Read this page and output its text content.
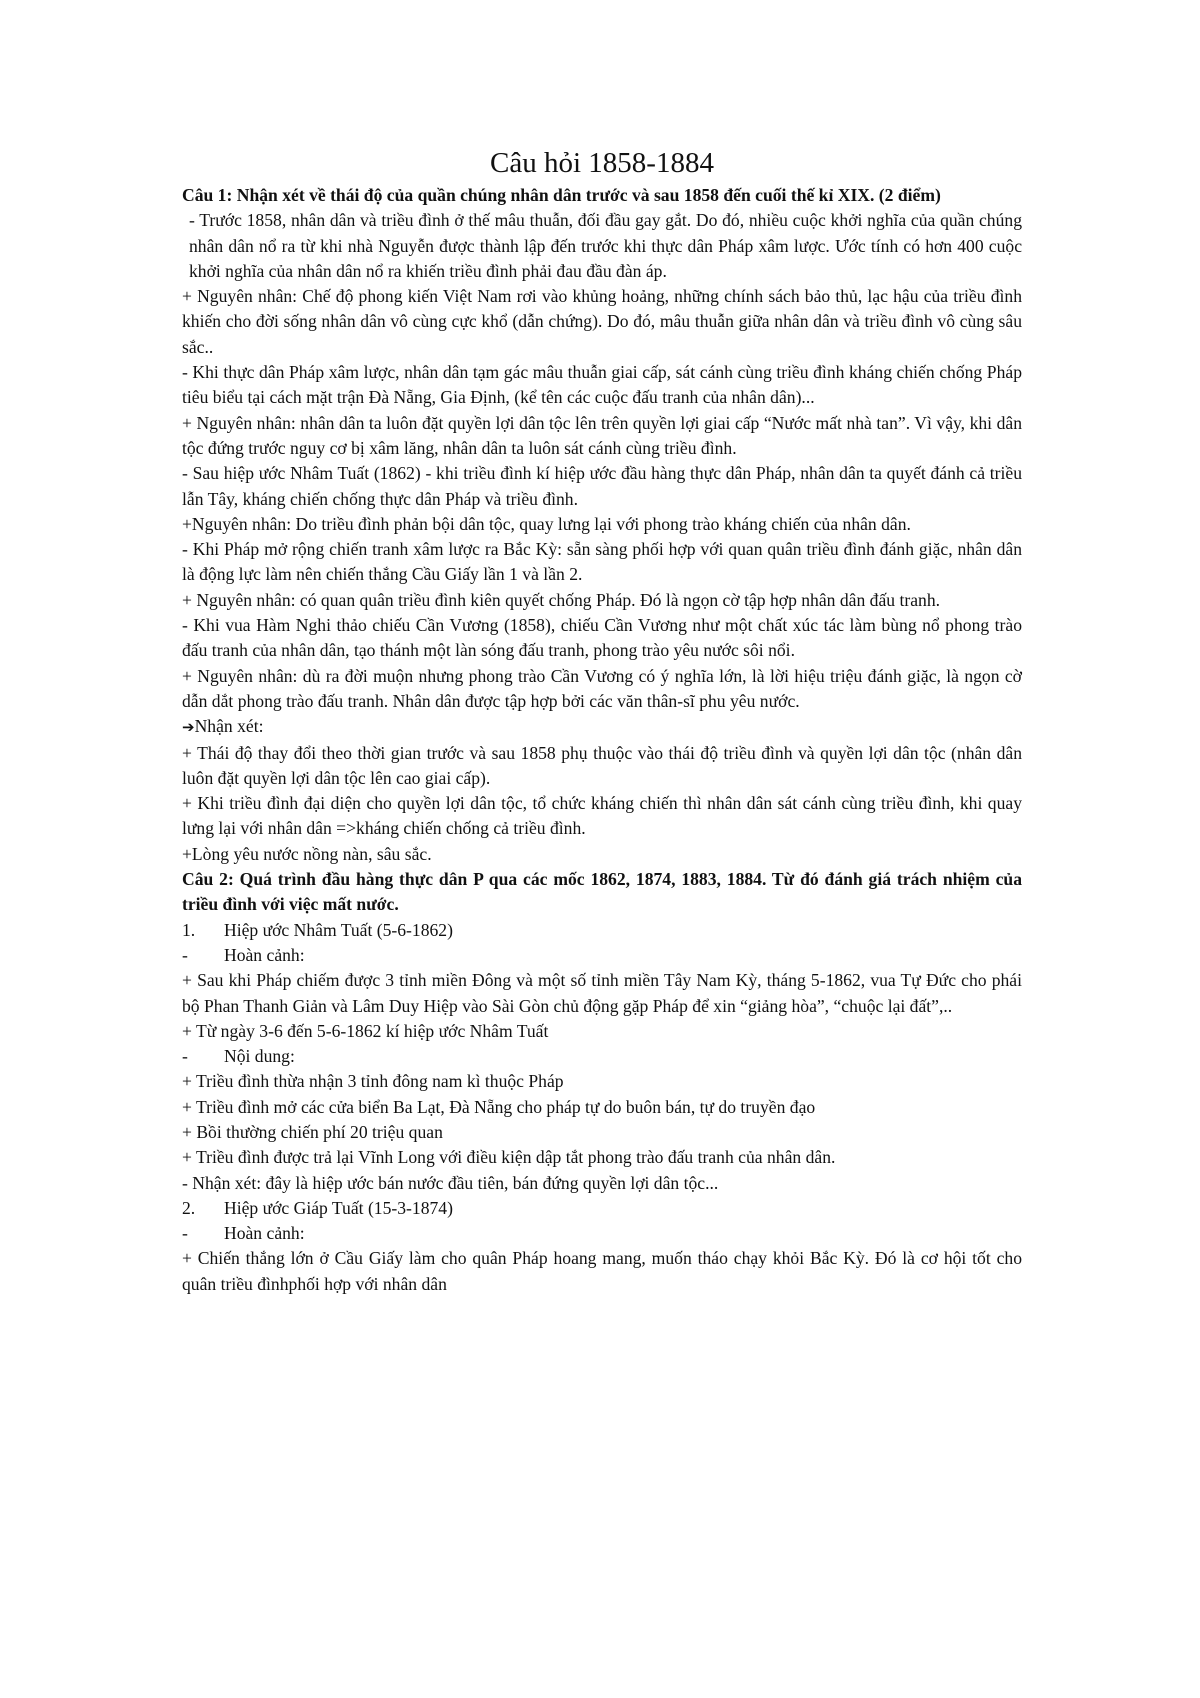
Câu hỏi 1858-1884

Câu 1: Nhận xét về thái độ của quần chúng nhân dân trước và sau 1858 đến cuối thế kỉ XIX. (2 điểm)

- Trước 1858, nhân dân và triều đình ở thế mâu thuẫn, đối đầu gay gắt. Do đó, nhiều cuộc khởi nghĩa của quần chúng nhân dân nổ ra từ khi nhà Nguyễn được thành lập đến trước khi thực dân Pháp xâm lược. Ước tính có hơn 400 cuộc khởi nghĩa của nhân dân nổ ra khiến triều đình phải đau đầu đàn áp.

+ Nguyên nhân: Chế độ phong kiến Việt Nam rơi vào khủng hoảng, những chính sách bảo thủ, lạc hậu của triều đình khiến cho đời sống nhân dân vô cùng cực khổ (dẫn chứng). Do đó, mâu thuẫn giữa nhân dân và triều đình vô cùng sâu sắc..

- Khi thực dân Pháp xâm lược, nhân dân tạm gác mâu thuẫn giai cấp, sát cánh cùng triều đình kháng chiến chống Pháp tiêu biểu tại cách mặt trận Đà Nẵng, Gia Định, (kể tên các cuộc đấu tranh của nhân dân)...

+ Nguyên nhân: nhân dân ta luôn đặt quyền lợi dân tộc lên trên quyền lợi giai cấp “Nước mất nhà tan”. Vì vậy, khi dân tộc đứng trước nguy cơ bị xâm lăng, nhân dân ta luôn sát cánh cùng triều đình.

- Sau hiệp ước Nhâm Tuất (1862) - khi triều đình kí hiệp ước đầu hàng thực dân Pháp, nhân dân ta quyết đánh cả triều lẫn Tây, kháng chiến chống thực dân Pháp và triều đình.

+Nguyên nhân: Do triều đình phản bội dân tộc, quay lưng lại với phong trào kháng chiến của nhân dân.

- Khi Pháp mở rộng chiến tranh xâm lược ra Bắc Kỳ: sẵn sàng phối hợp với quan quân triều đình đánh giặc, nhân dân là động lực làm nên chiến thắng Cầu Giấy lần 1 và lần 2.

+ Nguyên nhân: có quan quân triều đình kiên quyết chống Pháp. Đó là ngọn cờ tập hợp nhân dân đấu tranh.

- Khi vua Hàm Nghi thảo chiếu Cần Vương (1858), chiếu Cần Vương như một chất xúc tác làm bùng nổ phong trào đấu tranh của nhân dân, tạo thánh một làn sóng đấu tranh, phong trào yêu nước sôi nổi.

+ Nguyên nhân: dù ra đời muộn nhưng phong trào Cần Vương có ý nghĩa lớn, là lời hiệu triệu đánh giặc, là ngọn cờ dẫn dắt phong trào đấu tranh. Nhân dân được tập hợp bởi các văn thân-sĩ phu yêu nước.

➔Nhận xét:

+ Thái độ thay đổi theo thời gian trước và sau 1858 phụ thuộc vào thái độ triều đình và quyền lợi dân tộc (nhân dân luôn đặt quyền lợi dân tộc lên cao giai cấp).

+ Khi triều đình đại diện cho quyền lợi dân tộc, tổ chức kháng chiến thì nhân dân sát cánh cùng triều đình, khi quay lưng lại với nhân dân =>kháng chiến chống cả triều đình.

+Lòng yêu nước nồng nàn, sâu sắc.

Câu 2: Quá trình đầu hàng thực dân P qua các mốc 1862, 1874, 1883, 1884. Từ đó đánh giá trách nhiệm của triều đình với việc mất nước.

1.	Hiệp ước Nhâm Tuất (5-6-1862)
-	Hoàn cảnh:

+ Sau khi Pháp chiếm được 3 tỉnh miền Đông và một số tỉnh miền Tây Nam Kỳ, tháng 5-1862, vua Tự Đức cho phái bộ Phan Thanh Giản và Lâm Duy Hiệp vào Sài Gòn chủ động gặp Pháp để xin “giảng hòa”, “chuộc lại đất”,..

+ Từ ngày 3-6 đến 5-6-1862 kí hiệp ước Nhâm Tuất

-	Nội dung:

+ Triều đình thừa nhận 3 tỉnh đông nam kì thuộc Pháp

+ Triều đình mở các cửa biển Ba Lạt, Đà Nẵng cho pháp tự do buôn bán, tự do truyền đạo

+ Bồi thường chiến phí 20 triệu quan

+ Triều đình được trả lại Vĩnh Long với điều kiện dập tắt phong trào đấu tranh của nhân dân.

- Nhận xét: đây là hiệp ước bán nước đầu tiên, bán đứng quyền lợi dân tộc...

2.	Hiệp ước Giáp Tuất (15-3-1874)
-	Hoàn cảnh:

+ Chiến thắng lớn ở Cầu Giấy làm cho quân Pháp hoang mang, muốn tháo chạy khỏi Bắc Kỳ. Đó là cơ hội tốt cho quân triều đìnhphối hợp với nhân dân
